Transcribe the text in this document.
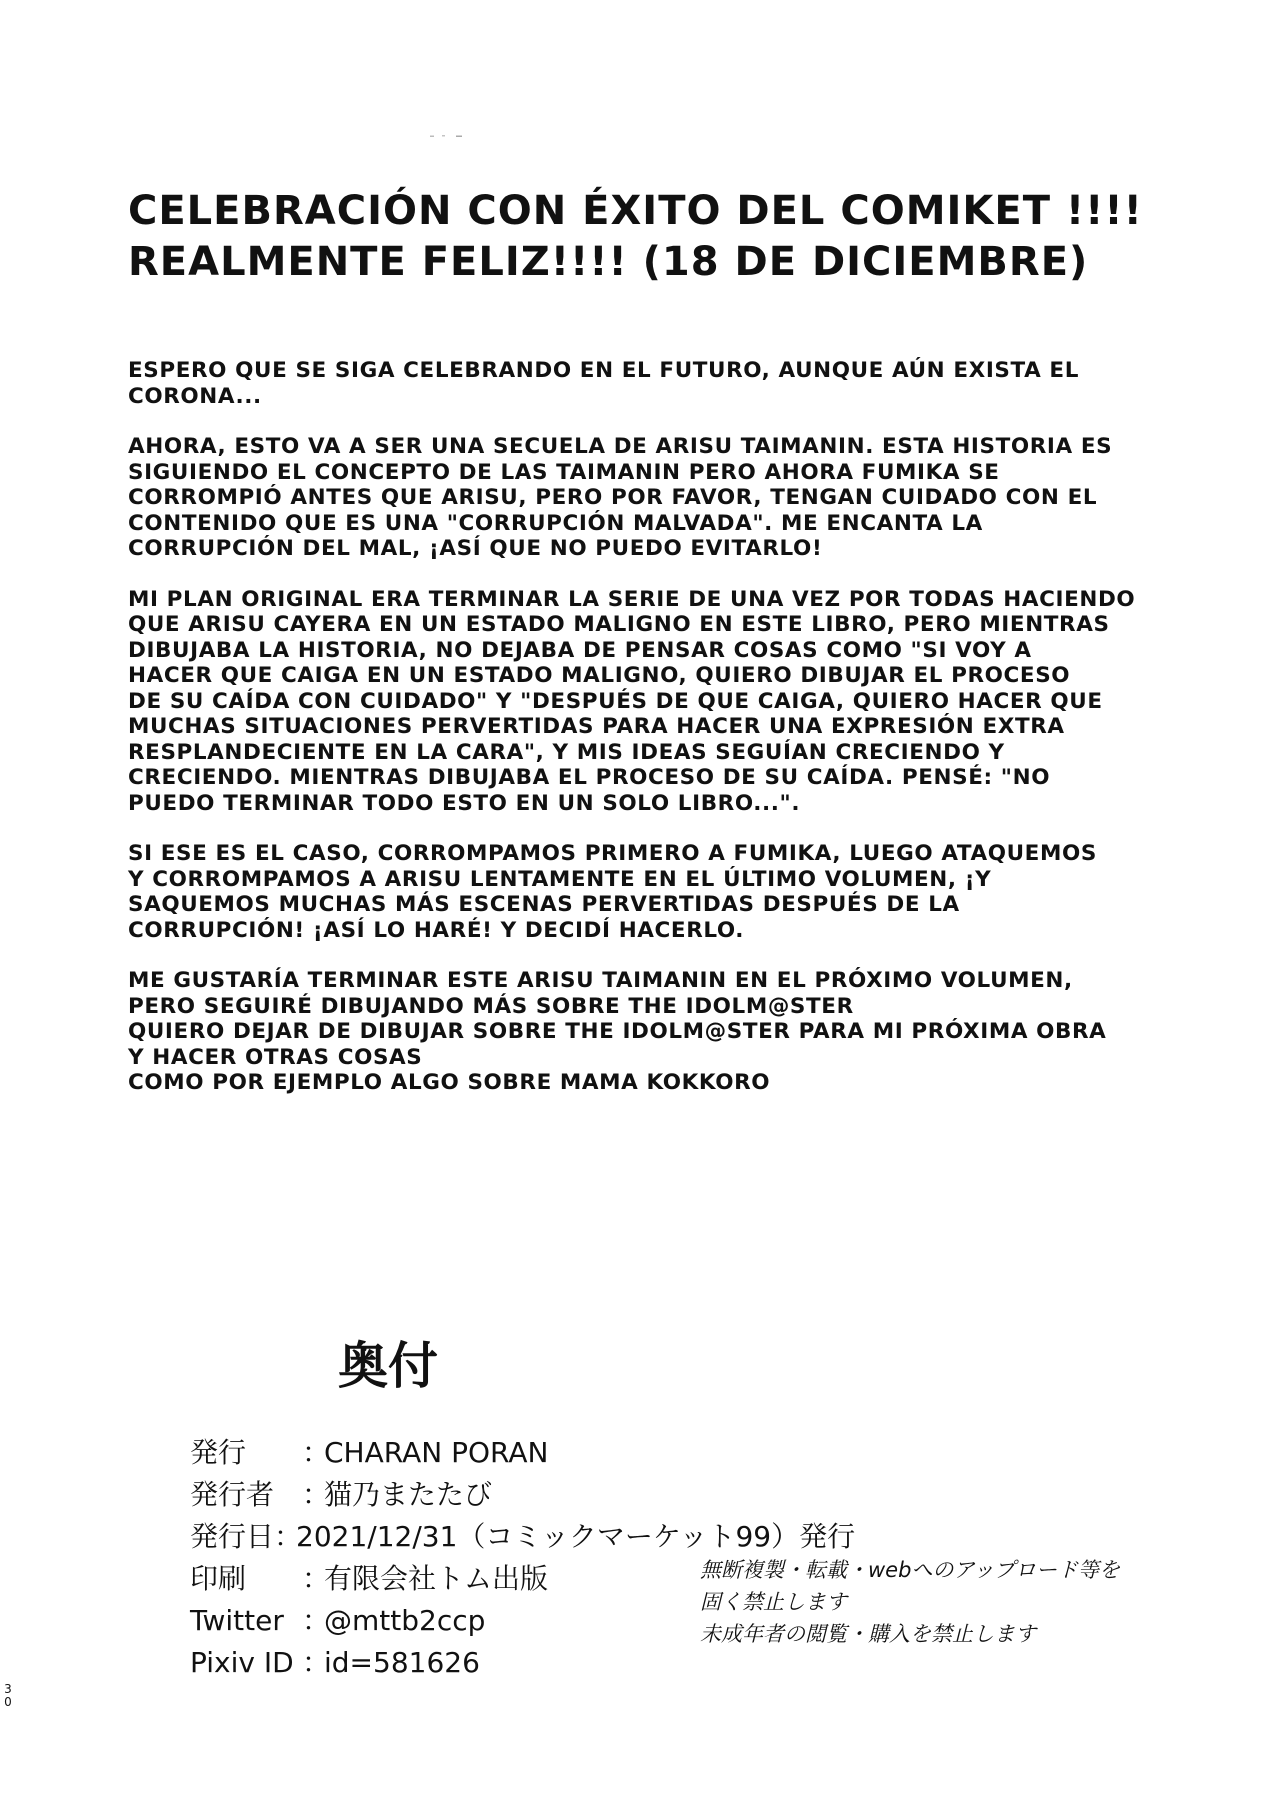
CELEBRACIÓN CON ÉXITO DEL COMIKET !!!!
REALMENTE FELIZ!!!! (18 DE DICIEMBRE)

ESPERO QUE SE SIGA CELEBRANDO EN EL FUTURO, AUNQUE AÚN EXISTA EL
CORONA...

AHORA, ESTO VA A SER UNA SECUELA DE ARISU TAIMANIN. ESTA HISTORIA ES
SIGUIENDO EL CONCEPTO DE LAS TAIMANIN PERO AHORA FUMIKA SE
CORROMPIÓ ANTES QUE ARISU, PERO POR FAVOR, TENGAN CUIDADO CON EL
CONTENIDO QUE ES UNA "CORRUPCIÓN MALVADA". ME ENCANTA LA
CORRUPCIÓN DEL MAL, ¡ASÍ QUE NO PUEDO EVITARLO!

MI PLAN ORIGINAL ERA TERMINAR LA SERIE DE UNA VEZ POR TODAS HACIENDO
QUE ARISU CAYERA EN UN ESTADO MALIGNO EN ESTE LIBRO, PERO MIENTRAS
DIBUJABA LA HISTORIA, NO DEJABA DE PENSAR COSAS COMO "SI VOY A
HACER QUE CAIGA EN UN ESTADO MALIGNO, QUIERO DIBUJAR EL PROCESO
DE SU CAÍDA CON CUIDADO" Y "DESPUÉS DE QUE CAIGA, QUIERO HACER QUE
MUCHAS SITUACIONES PERVERTIDAS PARA HACER UNA EXPRESIÓN EXTRA
RESPLANDECIENTE EN LA CARA", Y MIS IDEAS SEGUÍAN CRECIENDO Y
CRECIENDO. MIENTRAS DIBUJABA EL PROCESO DE SU CAÍDA. PENSÉ: "NO
PUEDO TERMINAR TODO ESTO EN UN SOLO LIBRO...".

SI ESE ES EL CASO, CORROMPAMOS PRIMERO A FUMIKA, LUEGO ATAQUEMOS
Y CORROMPAMOS A ARISU LENTAMENTE EN EL ÚLTIMO VOLUMEN, ¡Y
SAQUEMOS MUCHAS MÁS ESCENAS PERVERTIDAS DESPUÉS DE LA
CORRUPCIÓN! ¡ASÍ LO HARÉ! Y DECIDÍ HACERLO.

ME GUSTARÍA TERMINAR ESTE ARISU TAIMANIN EN EL PRÓXIMO VOLUMEN,
PERO SEGUIRÉ DIBUJANDO MÁS SOBRE THE IDOLM@STER
QUIERO DEJAR DE DIBUJAR SOBRE THE IDOLM@STER PARA MI PRÓXIMA OBRA
Y HACER OTRAS COSAS
COMO POR EJEMPLO ALGO SOBRE MAMA KOKKORO

奥付
発行	：
CHARAN PORAN
発行者 ：
猫乃またたび
発行日 ：
2021/12/31（コミックマーケット99）発行
印刷	：
有限会社トム出版
Twitter ：
@mttb2ccp
Pixiv ID ：
id=581626
無断複製・転載・webへのアップロード等を
固く禁止します
未成年者の閲覧・購入を禁止します
3
0
